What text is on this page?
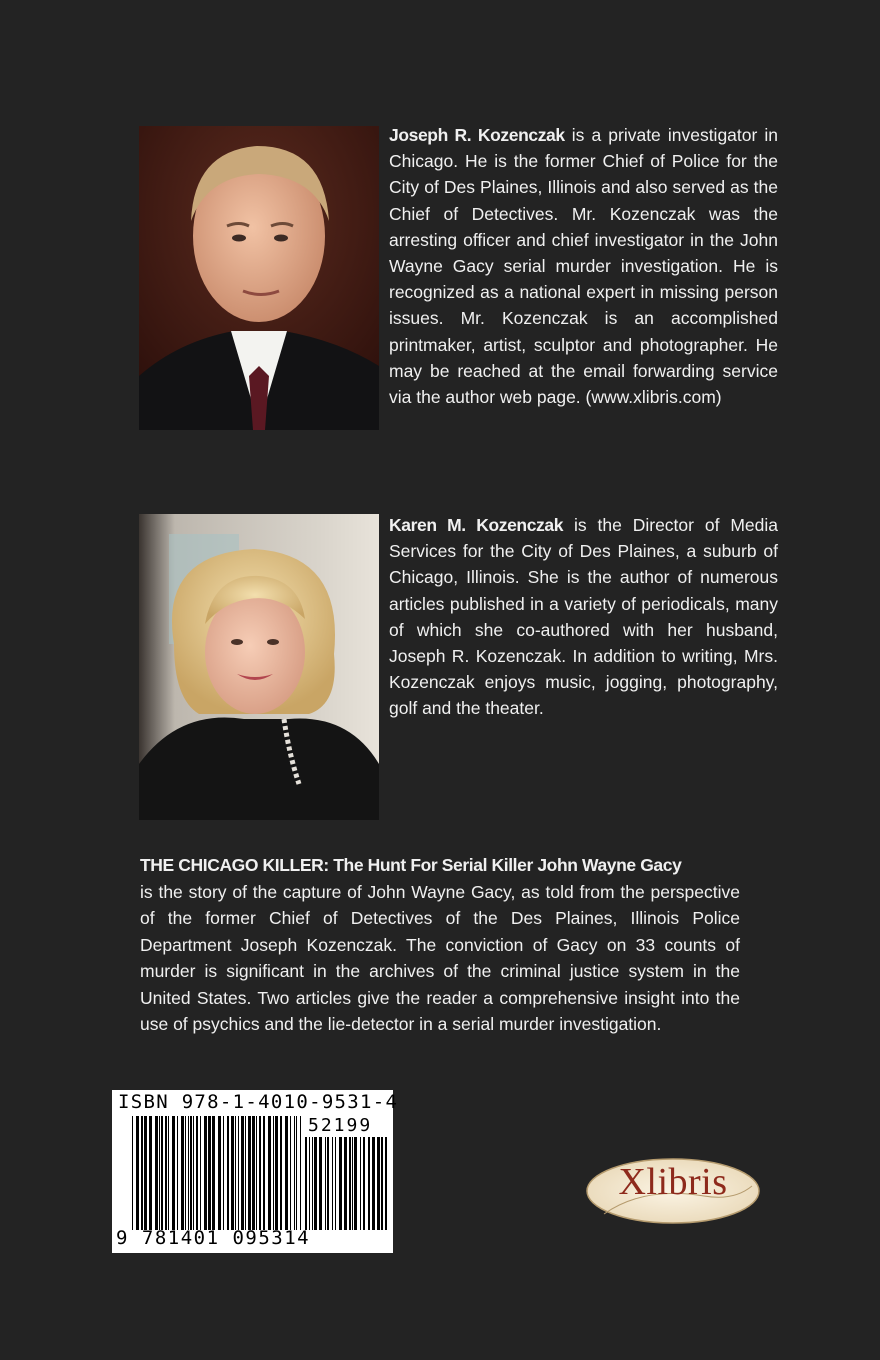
Joseph R. Kozenczak is a private investigator in Chicago. He is the former Chief of Police for the City of Des Plaines, Illinois and also served as the Chief of Detectives. Mr. Kozenczak was the arresting officer and chief investigator in the John Wayne Gacy serial murder investigation. He is recognized as a national expert in missing person issues. Mr. Kozenczak is an accomplished printmaker, artist, sculptor and photographer. He may be reached at the email forwarding service via the author web page. (www.xlibris.com)

Karen M. Kozenczak is the Director of Media Services for the City of Des Plaines, a suburb of Chicago, Illinois. She is the author of numerous articles published in a variety of periodicals, many of which she co-authored with her husband, Joseph R. Kozenczak. In addition to writing, Mrs. Kozenczak enjoys music, jogging, photography, golf and the theater.

THE CHICAGO KILLER: The Hunt For Serial Killer John Wayne Gacy
is the story of the capture of John Wayne Gacy, as told from the perspective of the former Chief of Detectives of the Des Plaines, Illinois Police Department Joseph Kozenczak. The conviction of Gacy on 33 counts of murder is significant in the archives of the criminal justice system in the United States. Two articles give the reader a comprehensive insight into the use of psychics and the lie-detector in a serial murder investigation.

ISBN 978-1-4010-9531-4
52199
9 781401 095314
Xlibris
